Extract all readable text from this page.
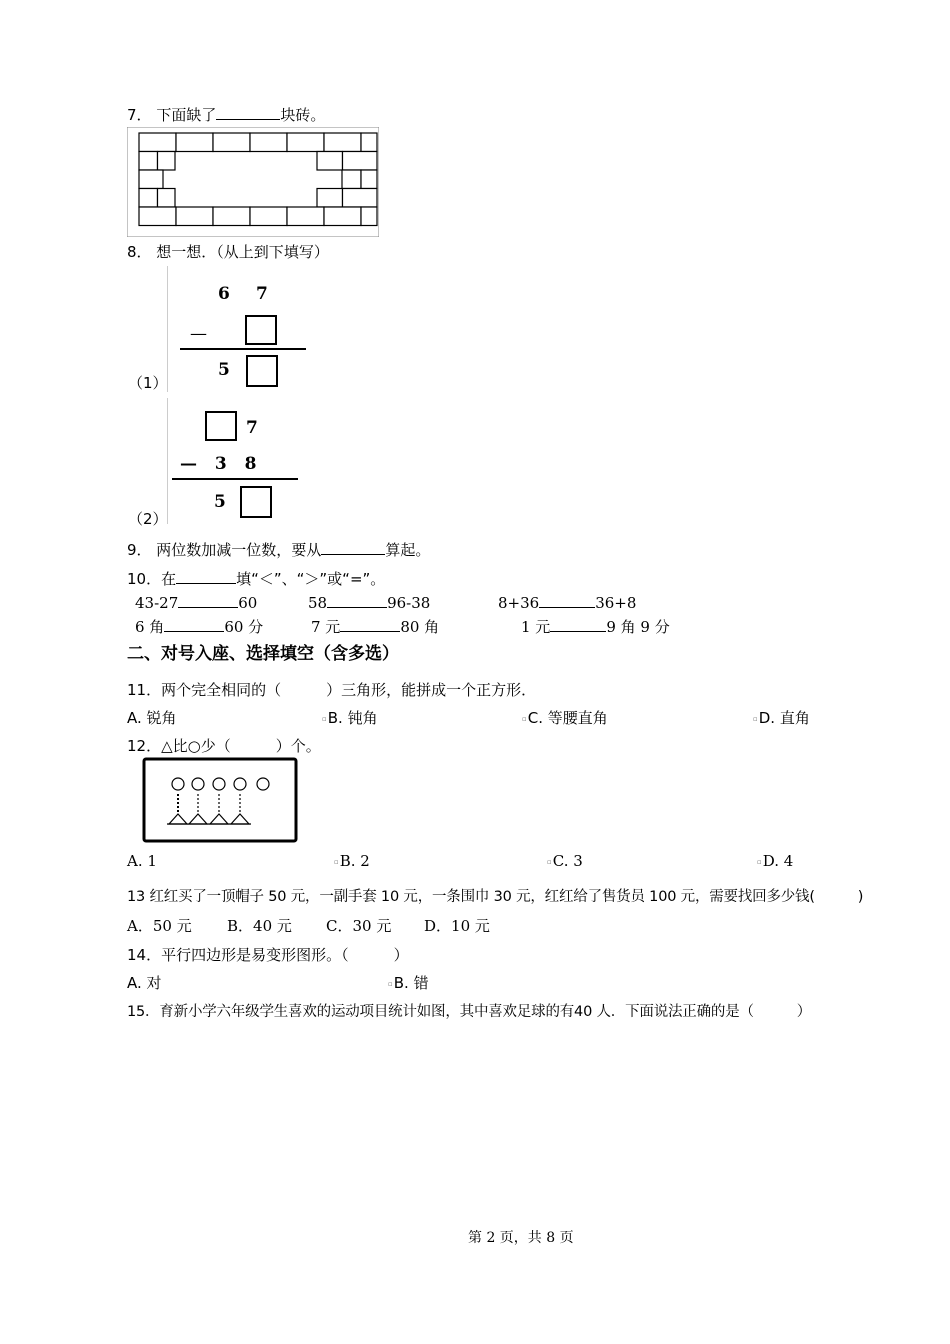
7． 下面缺了	块砖。
8． 想一想．（从上到下填写）
（1）
6 7
—
5
（2）
7
— 3 8
5
9． 两位数加减一位数，要从	算起。
10．在	填“＜”、“＞”或“=”。
43-27	60	58	96-38	8+36	36+8
6 角	60 分	7 元	80 角	1 元	9 角 9 分
二、对号入座、选择填空（含多选）
11．两个完全相同的（　　　）三角形，能拼成一个正方形．
A. 锐角	▫B. 钝角	▫C. 等腰直角	▫D. 直角
12．△比○少（　　　）个。
A. 1	▫B. 2	▫C. 3	▫D. 4
13 红红买了一顶帽子 50 元，一副手套 10 元，一条围巾 30 元，红红给了售货员 100 元，需要找回多少钱(　　　)
A．50 元 B．40 元 C．30 元 D．10 元
14．平行四边形是易变形图形。（　　　）
A. 对	▫B. 错
15．育新小学六年级学生喜欢的运动项目统计如图，其中喜欢足球的有40 人．下面说法正确的是（　　　）
第 2 页，共 8 页
